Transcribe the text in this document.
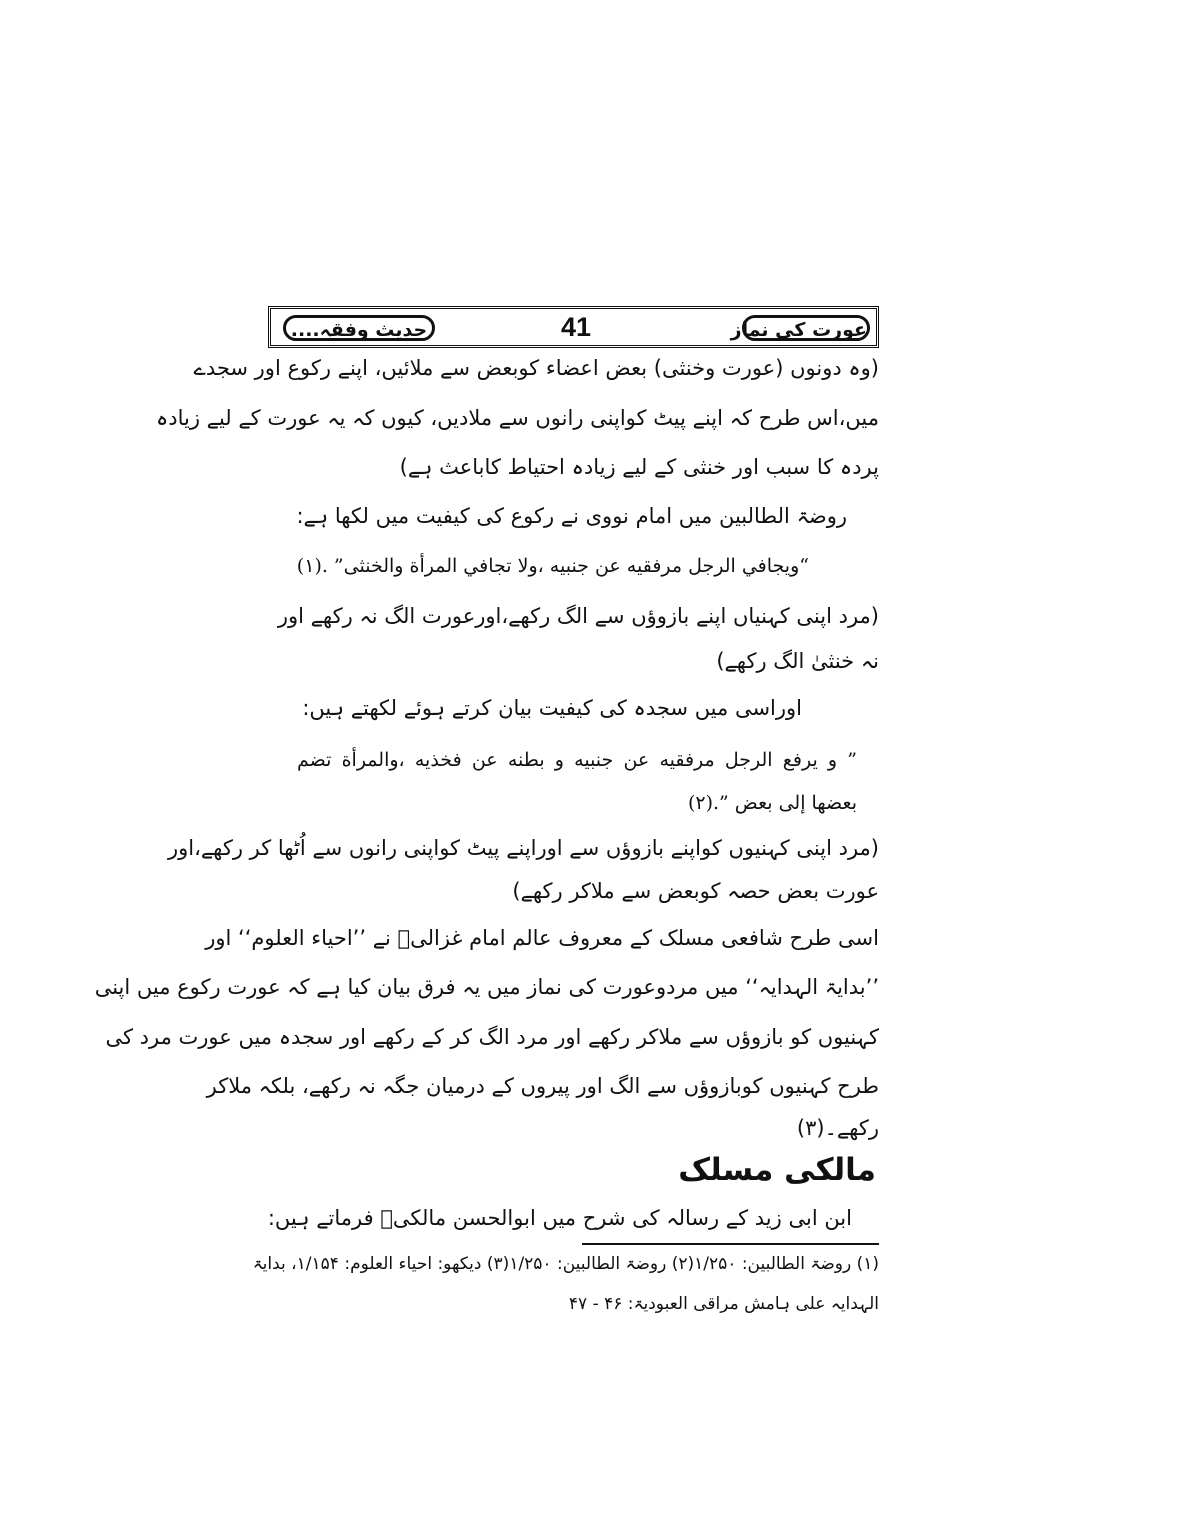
عورت کی نماز
41
حدیث وفقہ....
(وہ دونوں (عورت وخنثی) بعض اعضاء کوبعض سے ملائیں، اپنے رکوع اور سجدے
میں،اس طرح کہ اپنے پیٹ کواپنی رانوں سے ملادیں، کیوں کہ یہ عورت کے لیے زیادہ
پردہ کا سبب اور خنثی کے لیے زیادہ احتیاط کاباعث ہے)
روضۃ الطالبین میں امام نووی نے رکوع کی کیفیت میں لکھا ہے:
“ویجافي الرجل مرفقيه عن جنبيه ،ولا تجافي المرأة والخنثى” .(۱)
(مرد اپنی کہنیاں اپنے بازوؤں سے الگ رکھے،اورعورت الگ نہ رکھے اور
نہ خنثیٰ الگ رکھے)
اوراسی میں سجدہ کی کیفیت بیان کرتے ہوئے لکھتے ہیں:
” و يرفع الرجل مرفقيه عن جنبيه و بطنه عن فخذيه ،والمرأة تضم
بعضها إلى بعض ”.(۲)
(مرد اپنی کہنیوں کواپنے بازوؤں سے اوراپنے پیٹ کواپنی رانوں سے اُٹھا کر رکھے،اور
عورت بعض حصہ کوبعض سے ملاکر رکھے)
اسی طرح شافعی مسلک کے معروف عالم امام غزالیؒ نے ’’احیاء العلوم‘‘ اور
’’بدایۃ الہدایہ‘‘ میں مردوعورت کی نماز میں یہ فرق بیان کیا ہے کہ عورت رکوع میں اپنی
کہنیوں کو بازوؤں سے ملاکر رکھے اور مرد الگ کر کے رکھے اور سجدہ میں عورت مرد کی
طرح کہنیوں کوبازوؤں سے الگ اور پیروں کے درمیان جگہ نہ رکھے، بلکہ ملاکر
رکھے۔(۳)
مالکی مسلک
ابن ابی زید کے رسالہ کی شرح میں ابوالحسن مالکیؒ فرماتے ہیں:
(۱) روضۃ الطالبین: ۱/۲۵۰(۲) روضۃ الطالبین: ۱/۲۵۰(۳) دیکھو: احیاء العلوم: ۱/۱۵۴، بدایۃ
الہدایہ علی ہامش مراقی العبودیۃ: ۴۶ - ۴۷
